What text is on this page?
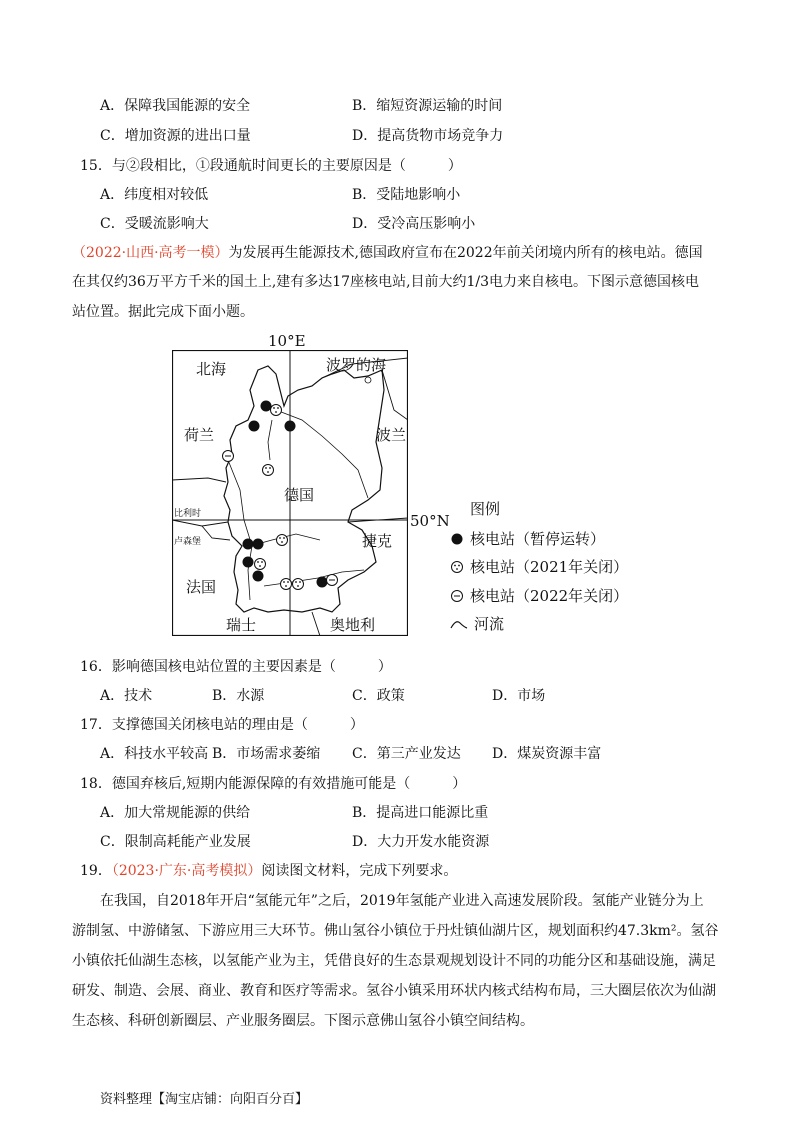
A．保障我国能源的安全	B．缩短资源运输的时间
C．增加资源的进出口量	D．提高货物市场竞争力
15．与②段相比，①段通航时间更长的主要原因是（　　　）
A．纬度相对较低	B．受陆地影响小
C．受暖流影响大	D．受冷高压影响小
（2022·山西·高考一模）为发展再生能源技术,德国政府宣布在2022年前关闭境内所有的核电站。德国
在其仅约36万平方千米的国土上,建有多达17座核电站,目前大约1/3电力来自核电。下图示意德国核电
站位置。据此完成下面小题。
10°E
北海	波罗的海
荷兰	波兰
德国
比利时
卢森堡	捷克
法国
瑞士	奥地利
50°N
图例
核电站（暂停运转）
核电站（2021年关闭）
核电站（2022年关闭）
河流
16．影响德国核电站位置的主要因素是（　　　）
A．技术	B．水源	C．政策	D．市场
17．支撑德国关闭核电站的理由是（　　　）
A．科技水平较高 B．市场需求萎缩 C．第三产业发达 D．煤炭资源丰富
18．德国弃核后,短期内能源保障的有效措施可能是（　　　）
A．加大常规能源的供给	B．提高进口能源比重
C．限制高耗能产业发展	D．大力开发水能资源
19．（2023·广东·高考模拟）阅读图文材料，完成下列要求。
在我国，自2018年开启“氢能元年”之后，2019年氢能产业进入高速发展阶段。氢能产业链分为上
游制氢、中游储氢、下游应用三大环节。佛山氢谷小镇位于丹灶镇仙湖片区，规划面积约47.3km²。氢谷
小镇依托仙湖生态核，以氢能产业为主，凭借良好的生态景观规划设计不同的功能分区和基础设施，满足
研发、制造、会展、商业、教育和医疗等需求。氢谷小镇采用环状内核式结构布局，三大圈层依次为仙湖
生态核、科研创新圈层、产业服务圈层。下图示意佛山氢谷小镇空间结构。
资料整理【淘宝店铺：向阳百分百】
